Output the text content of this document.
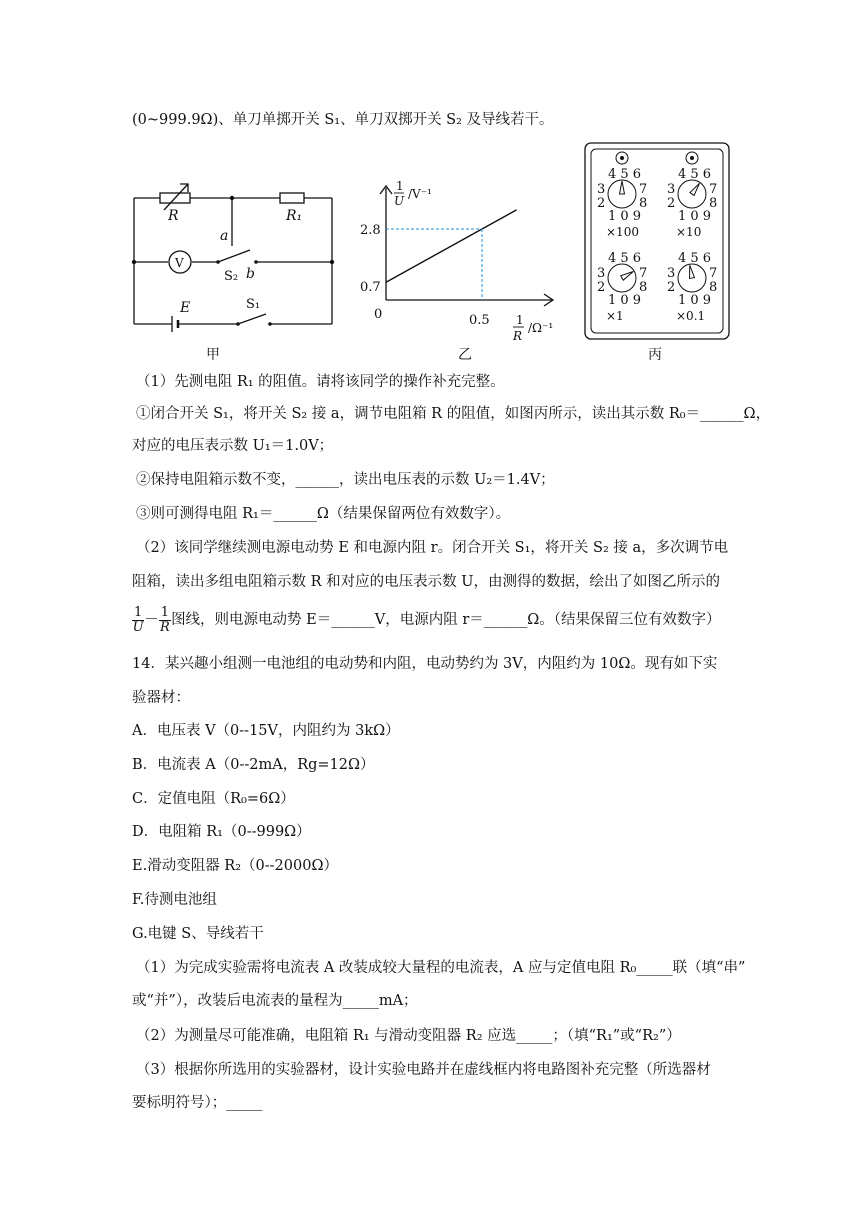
(0~999.9Ω)、单刀单掷开关 S₁、单刀双掷开关 S₂ 及导线若干。
R	R₁
a
b
E
V
S₂
S₁
甲
2.8
0.7
0	0.5
1
U /V⁻¹
1
R
/Ω⁻¹
乙
4 5 6
3
2
7
8
1 0 9
×100
4 5 6
3
2
7
8
1 0 9
×10
4 5 6
3
2
7
8
1 0 9
×1
4 5 6
3
2
7
8
1 0 9
×0.1
丙
（1）先测电阻 R₁ 的阻值。请将该同学的操作补充完整。
①闭合开关 S₁，将开关 S₂ 接 a，调节电阻箱 R 的阻值，如图丙所示，读出其示数 R₀＝______Ω，
对应的电压表示数 U₁＝1.0V；
②保持电阻箱示数不变，______，读出电压表的示数 U₂＝1.4V；
③则可测得电阻 R₁＝______Ω（结果保留两位有效数字）。
（2）该同学继续测电源电动势 E 和电源内阻 r。闭合开关 S₁，将开关 S₂ 接 a，多次调节电
阻箱，读出多组电阻箱示数 R 和对应的电压表示数 U，由测得的数据，绘出了如图乙所示的
$\frac{1}{U} - \frac{1}{R}$ 图线，则电源电动势 E＝______V，电源内阻 r＝______Ω。（结果保留三位有效数字）
14．某兴趣小组测一电池组的电动势和内阻，电动势约为 3V，内阻约为 10Ω。现有如下实
验器材：
A．电压表 V（0--15V，内阻约为 3kΩ）
B．电流表 A（0--2mA，Rg=12Ω）
C．定值电阻（R₀=6Ω）
D．电阻箱 R₁（0--999Ω）
E.滑动变阻器 R₂（0--2000Ω）
F.待测电池组
G.电键 S、导线若干
（1）为完成实验需将电流表 A 改装成较大量程的电流表，A 应与定值电阻 R₀_____联（填“串”
或“并”），改装后电流表的量程为_____mA；
（2）为测量尽可能准确，电阻箱 R₁ 与滑动变阻器 R₂ 应选_____；（填“R₁”或“R₂”）
（3）根据你所选用的实验器材，设计实验电路并在虚线框内将电路图补充完整（所选器材
要标明符号）；_____
